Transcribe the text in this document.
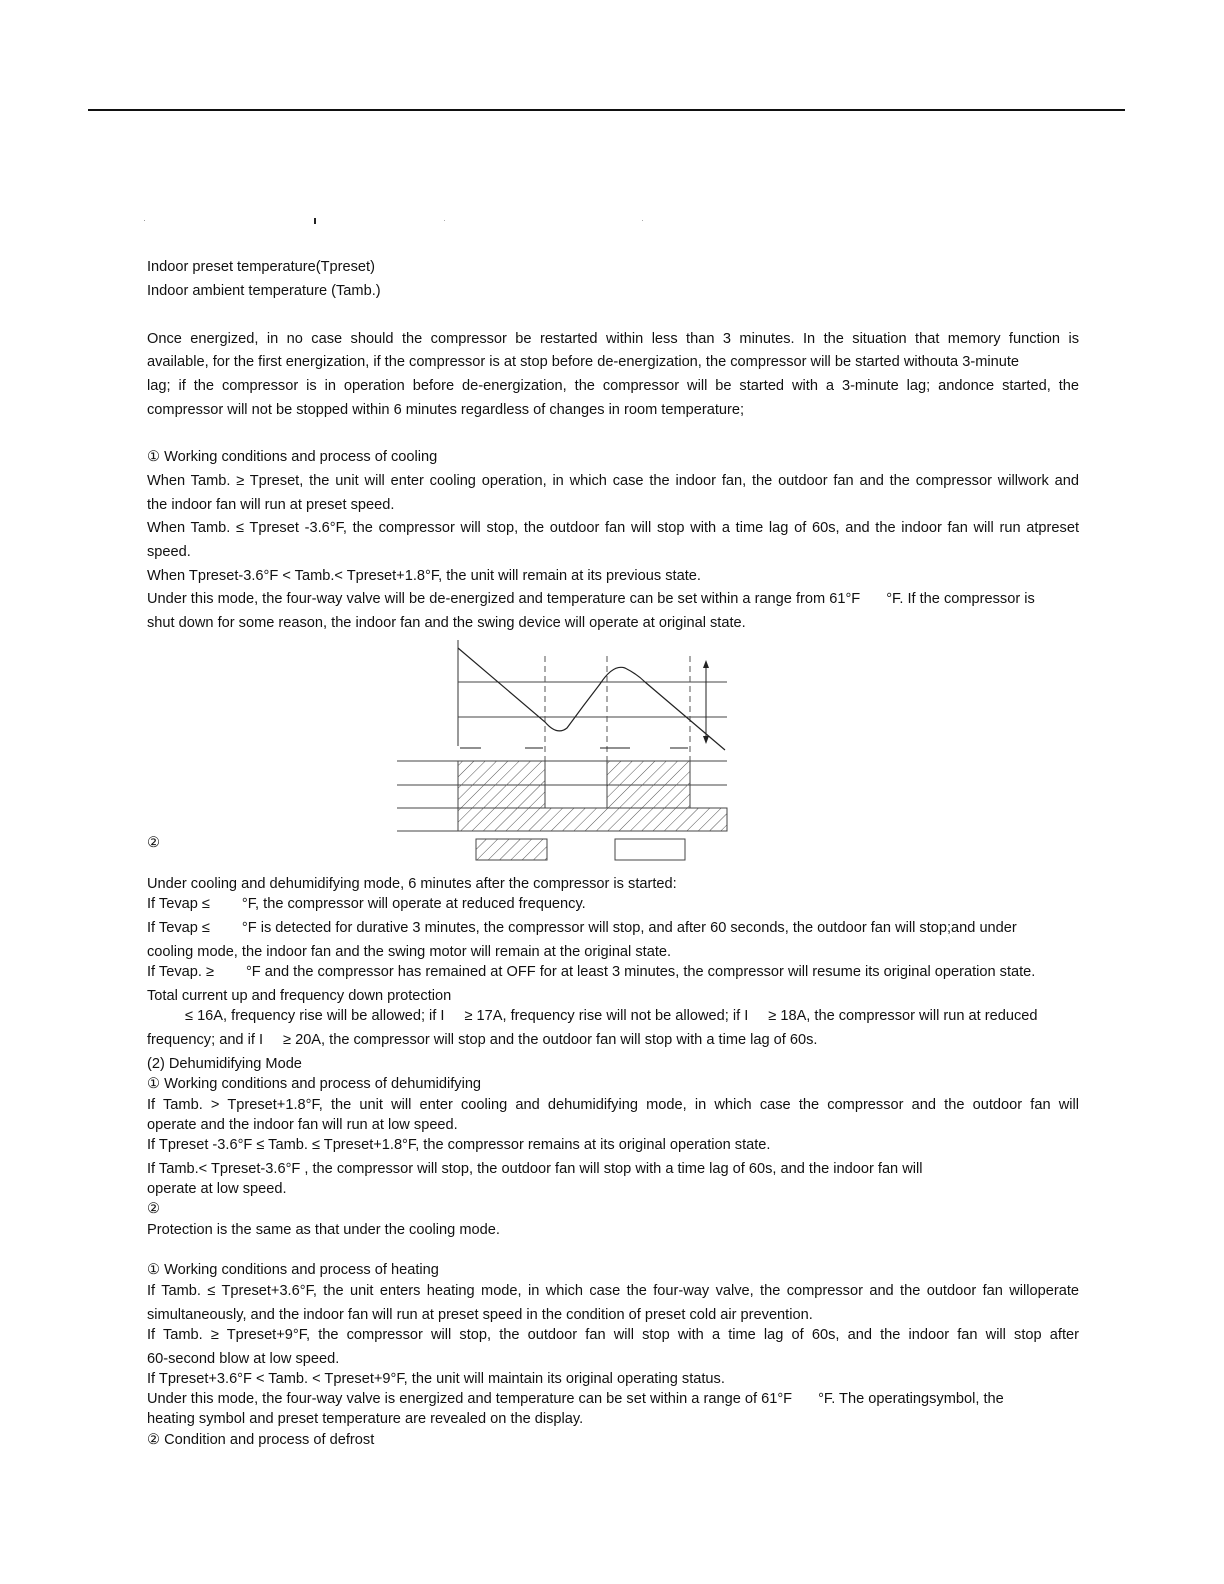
Indoor preset temperature(Tpreset)
Indoor ambient temperature (Tamb.)
Once energized, in no case should the compressor be restarted within less than 3 minutes. In the situation that memory function is
available, for the first energization, if the compressor is at stop before de-energization, the compressor will be started withouta 3-minute
lag; if the compressor is in operation before de-energization, the compressor will be started with a 3-minute lag; andonce started, the
compressor will not be stopped within 6 minutes regardless of changes in room temperature;
① Working conditions and process of cooling
When Tamb. ≥ Tpreset, the unit will enter cooling operation, in which case the indoor fan, the outdoor fan and the compressor willwork and
the indoor fan will run at preset speed.
When Tamb. ≤ Tpreset -3.6°F, the compressor will stop, the outdoor fan will stop with a time lag of 60s, and the indoor fan will run atpreset
speed.
When Tpreset-3.6°F < Tamb.< Tpreset+1.8°F, the unit will remain at its previous state.
Under this mode, the four-way valve will be de-energized and temperature can be set within a range from 61°F °F. If the compressor is
shut down for some reason, the indoor fan and the swing device will operate at original state.
②
Under cooling and dehumidifying mode, 6 minutes after the compressor is started:
If Tevap ≤ °F, the compressor will operate at reduced frequency.
If Tevap ≤ °F is detected for durative 3 minutes, the compressor will stop, and after 60 seconds, the outdoor fan will stop;and under
cooling mode, the indoor fan and the swing motor will remain at the original state.
If Tevap. ≥ °F and the compressor has remained at OFF for at least 3 minutes, the compressor will resume its original operation state.
Total current up and frequency down protection
≤ 16A, frequency rise will be allowed; if I ≥ 17A, frequency rise will not be allowed; if I ≥ 18A, the compressor will run at reduced
frequency; and if I ≥ 20A, the compressor will stop and the outdoor fan will stop with a time lag of 60s.
(2) Dehumidifying Mode
① Working conditions and process of dehumidifying
If Tamb. > Tpreset+1.8°F, the unit will enter cooling and dehumidifying mode, in which case the compressor and the outdoor fan will
operate and the indoor fan will run at low speed.
If Tpreset -3.6°F ≤ Tamb. ≤ Tpreset+1.8°F, the compressor remains at its original operation state.
If Tamb.< Tpreset-3.6°F , the compressor will stop, the outdoor fan will stop with a time lag of 60s, and the indoor fan will
operate at low speed.
②
Protection is the same as that under the cooling mode.
① Working conditions and process of heating
If Tamb. ≤ Tpreset+3.6°F, the unit enters heating mode, in which case the four-way valve, the compressor and the outdoor fan willoperate
simultaneously, and the indoor fan will run at preset speed in the condition of preset cold air prevention.
If Tamb. ≥ Tpreset+9°F, the compressor will stop, the outdoor fan will stop with a time lag of 60s, and the indoor fan will stop after
60-second blow at low speed.
If Tpreset+3.6°F < Tamb. < Tpreset+9°F, the unit will maintain its original operating status.
Under this mode, the four-way valve is energized and temperature can be set within a range of 61°F °F. The operatingsymbol, the
heating symbol and preset temperature are revealed on the display.
② Condition and process of defrost
